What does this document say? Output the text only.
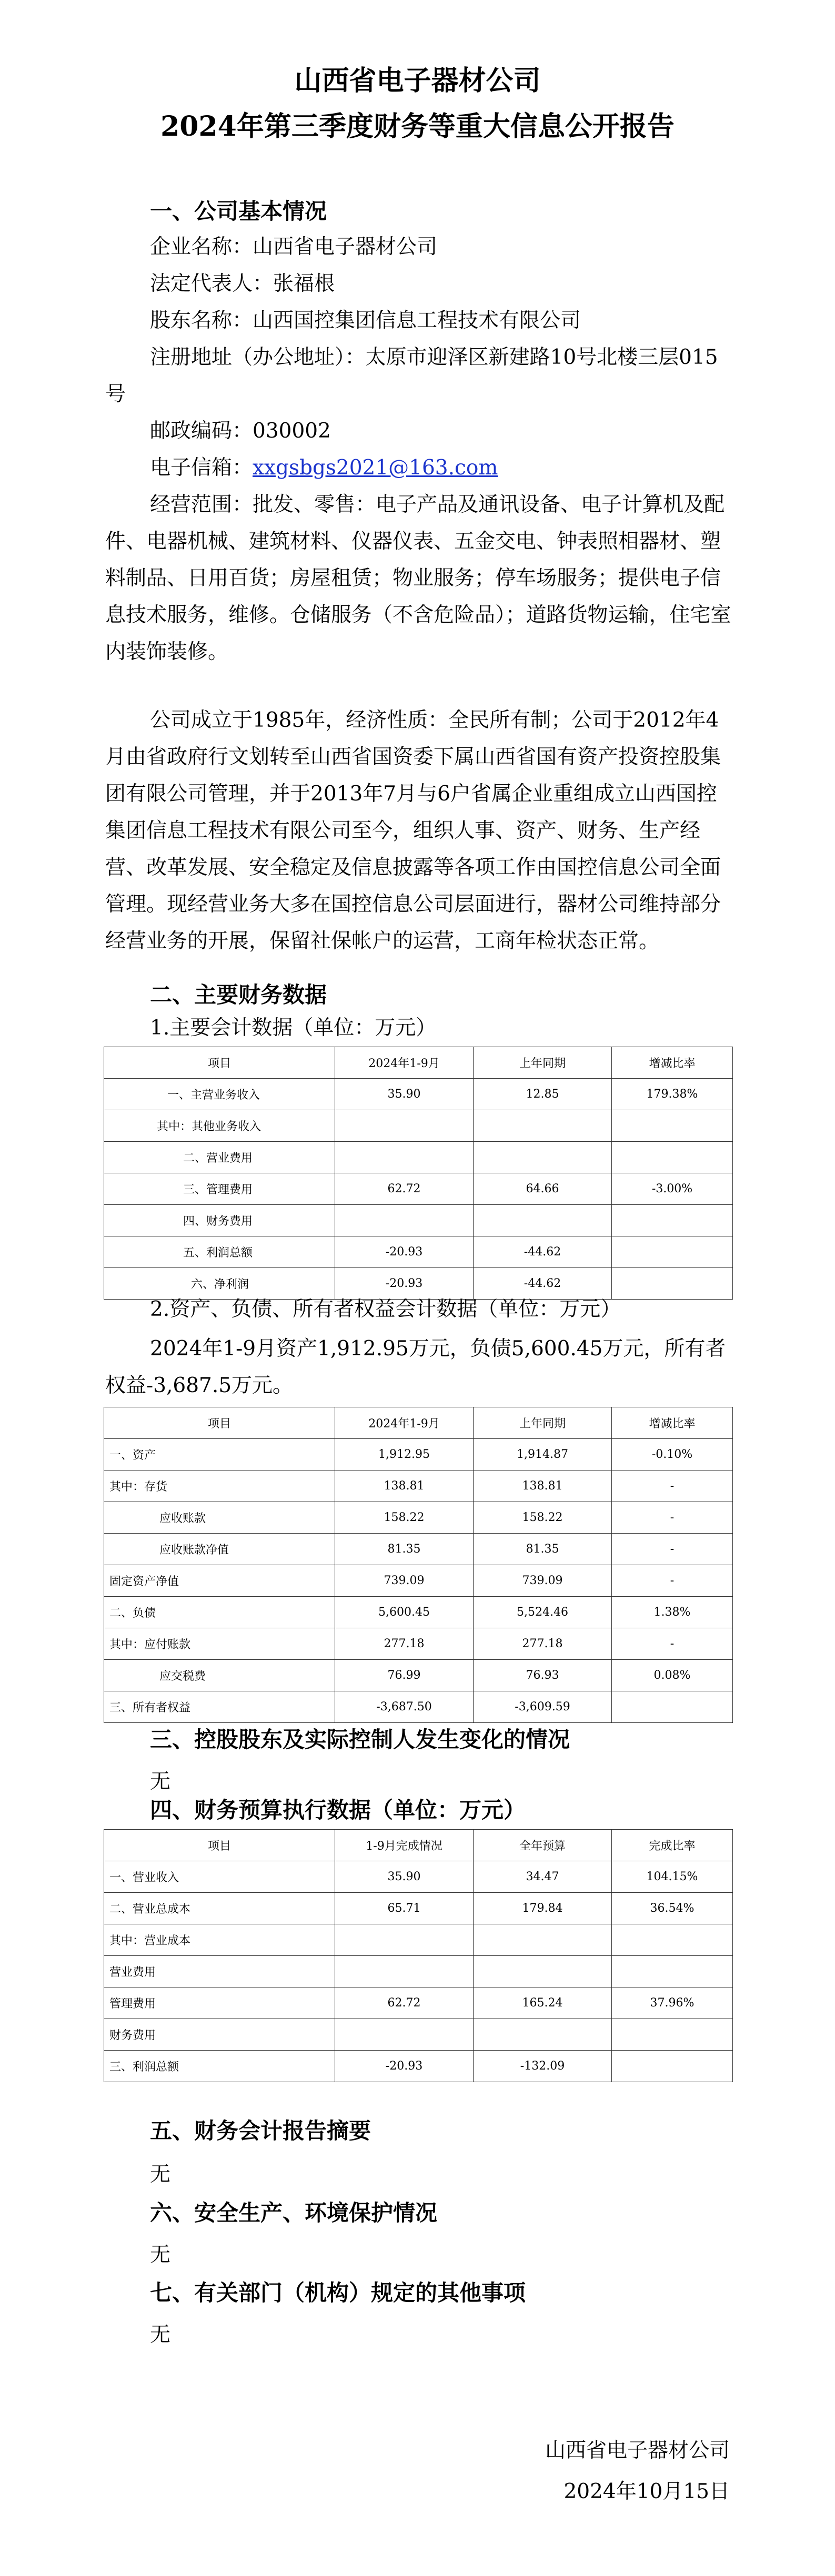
山西省电子器材公司
2024年第三季度财务等重大信息公开报告
一、公司基本情况
企业名称：山西省电子器材公司
法定代表人：张福根
股东名称：山西国控集团信息工程技术有限公司
注册地址（办公地址）：太原市迎泽区新建路10号北楼三层015号
邮政编码：030002
电子信箱：xxgsbgs2021@163.com
经营范围：批发、零售：电子产品及通讯设备、电子计算机及配件、电器机械、建筑材料、仪器仪表、五金交电、钟表照相器材、塑料制品、日用百货；房屋租赁；物业服务；停车场服务；提供电子信息技术服务，维修。仓储服务（不含危险品）；道路货物运输，住宅室内装饰装修。
公司成立于1985年，经济性质：全民所有制；公司于2012年4月由省政府行文划转至山西省国资委下属山西省国有资产投资控股集团有限公司管理，并于2013年7月与6户省属企业重组成立山西国控集团信息工程技术有限公司至今，组织人事、资产、财务、生产经营、改革发展、安全稳定及信息披露等各项工作由国控信息公司全面管理。现经营业务大多在国控信息公司层面进行，器材公司维持部分经营业务的开展，保留社保帐户的运营，工商年检状态正常。
二、主要财务数据
1.主要会计数据（单位：万元）
项目	2024年1-9月	上年同期	增减比率
一、主营业务收入	35.90	12.85	179.38%
其中：其他业务收入			
二、营业费用			
三、管理费用	62.72	64.66	-3.00%
四、财务费用			
五、利润总额	-20.93	-44.62	
六、净利润	-20.93	-44.62	
2.资产、负债、所有者权益会计数据（单位：万元）
2024年1-9月资产1,912.95万元，负债5,600.45万元，所有者权益-3,687.5万元。
项目	2024年1-9月	上年同期	增减比率
一、资产	1,912.95	1,914.87	-0.10%
其中：存货	138.81	138.81	-
应收账款	158.22	158.22	-
应收账款净值	81.35	81.35	-
固定资产净值	739.09	739.09	-
二、负债	5,600.45	5,524.46	1.38%
其中：应付账款	277.18	277.18	-
应交税费	76.99	76.93	0.08%
三、所有者权益	-3,687.50	-3,609.59	
三、控股股东及实际控制人发生变化的情况
无
四、财务预算执行数据（单位：万元）
项目	1-9月完成情况	全年预算	完成比率
一、营业收入	35.90	34.47	104.15%
二、营业总成本	65.71	179.84	36.54%
其中：营业成本			
营业费用			
管理费用	62.72	165.24	37.96%
财务费用			
三、利润总额	-20.93	-132.09	
五、财务会计报告摘要
无
六、安全生产、环境保护情况
无
七、有关部门（机构）规定的其他事项
无
山西省电子器材公司
2024年10月15日
